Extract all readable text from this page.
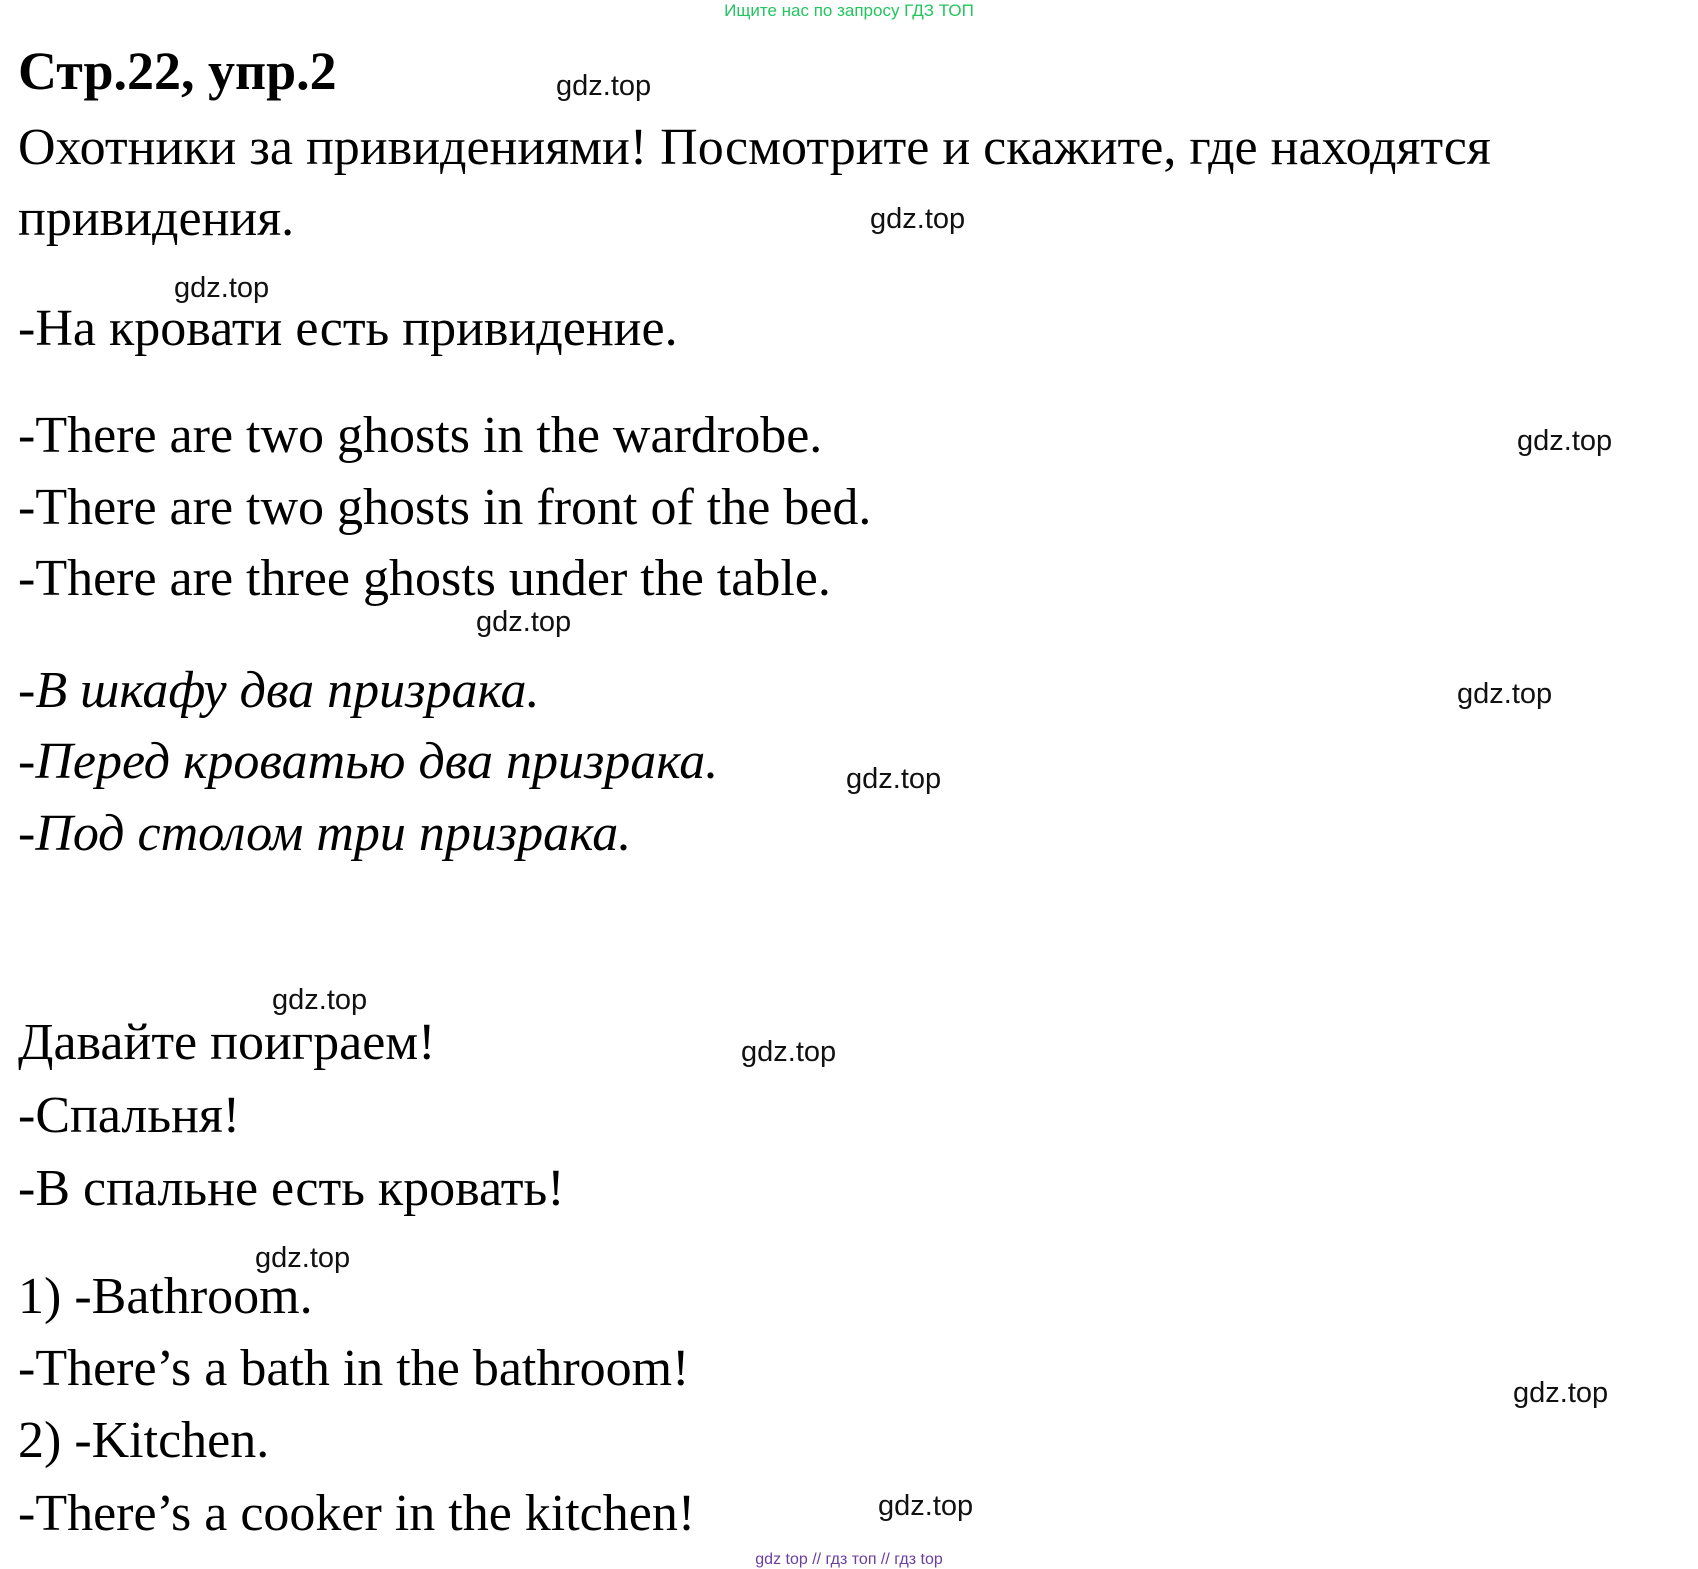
Ищите нас по запросу ГДЗ ТОП
Стр.22, упр.2
Охотники за привидениями! Посмотрите и скажите, где находятся
привидения.
-На кровати есть привидение.
-There are two ghosts in the wardrobe.
-There are two ghosts in front of the bed.
-There are three ghosts under the table.
-В шкафу два призрака.
-Перед кроватью два призрака.
-Под столом три призрака.
Давайте поиграем!
-Спальня!
-В спальне есть кровать!
1) -Bathroom.
-There’s a bath in the bathroom!
2) -Kitchen.
-There’s a cooker in the kitchen!
gdz.top
gdz.top
gdz.top
gdz.top
gdz.top
gdz.top
gdz.top
gdz.top
gdz.top
gdz.top
gdz.top
gdz.top
gdz top // гдз топ // гдз top
